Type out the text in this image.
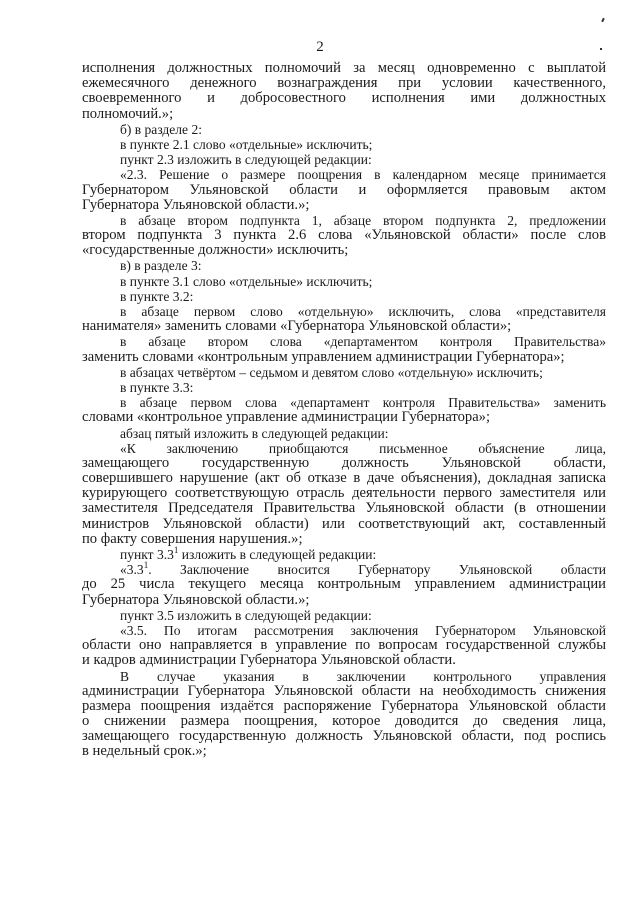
2
исполнения должностных полномочий за месяц одновременно с выплатой
ежемесячного денежного вознаграждения при условии качественного,
своевременного и добросовестного исполнения ими должностных
полномочий.»;
б) в разделе 2:
в пункте 2.1 слово «отдельные» исключить;
пункт 2.3 изложить в следующей редакции:
«2.3. Решение о размере поощрения в календарном месяце принимается
Губернатором Ульяновской области и оформляется правовым актом
Губернатора Ульяновской области.»;
в абзаце втором подпункта 1, абзаце втором подпункта 2, предложении
втором подпункта 3 пункта 2.6 слова «Ульяновской области» после слов
«государственные должности» исключить;
в) в разделе 3:
в пункте 3.1 слово «отдельные» исключить;
в пункте 3.2:
в абзаце первом слово «отдельную» исключить, слова «представителя
нанимателя» заменить словами «Губернатора Ульяновской области»;
в абзаце втором слова «департаментом контроля Правительства»
заменить словами «контрольным управлением администрации Губернатора»;
в абзацах четвёртом – седьмом и девятом слово «отдельную» исключить;
в пункте 3.3:
в абзаце первом слова «департамент контроля Правительства» заменить
словами «контрольное управление администрации Губернатора»;
абзац пятый изложить в следующей редакции:
«К заключению приобщаются письменное объяснение лица,
замещающего государственную должность Ульяновской области,
совершившего нарушение (акт об отказе в даче объяснения), докладная записка
курирующего соответствующую отрасль деятельности первого заместителя или
заместителя Председателя Правительства Ульяновской области (в отношении
министров Ульяновской области) или соответствующий акт, составленный
по факту совершения нарушения.»;
пункт $3.3^1$ изложить в следующей редакции:
«$3.3^1$. Заключение вносится Губернатору Ульяновской области
до 25 числа текущего месяца контрольным управлением администрации
Губернатора Ульяновской области.»;
пункт 3.5 изложить в следующей редакции:
«3.5. По итогам рассмотрения заключения Губернатором Ульяновской
области оно направляется в управление по вопросам государственной службы
и кадров администрации Губернатора Ульяновской области.
В случае указания в заключении контрольного управления
администрации Губернатора Ульяновской области на необходимость снижения
размера поощрения издаётся распоряжение Губернатора Ульяновской области
о снижении размера поощрения, которое доводится до сведения лица,
замещающего государственную должность Ульяновской области, под роспись
в недельный срок.»;
